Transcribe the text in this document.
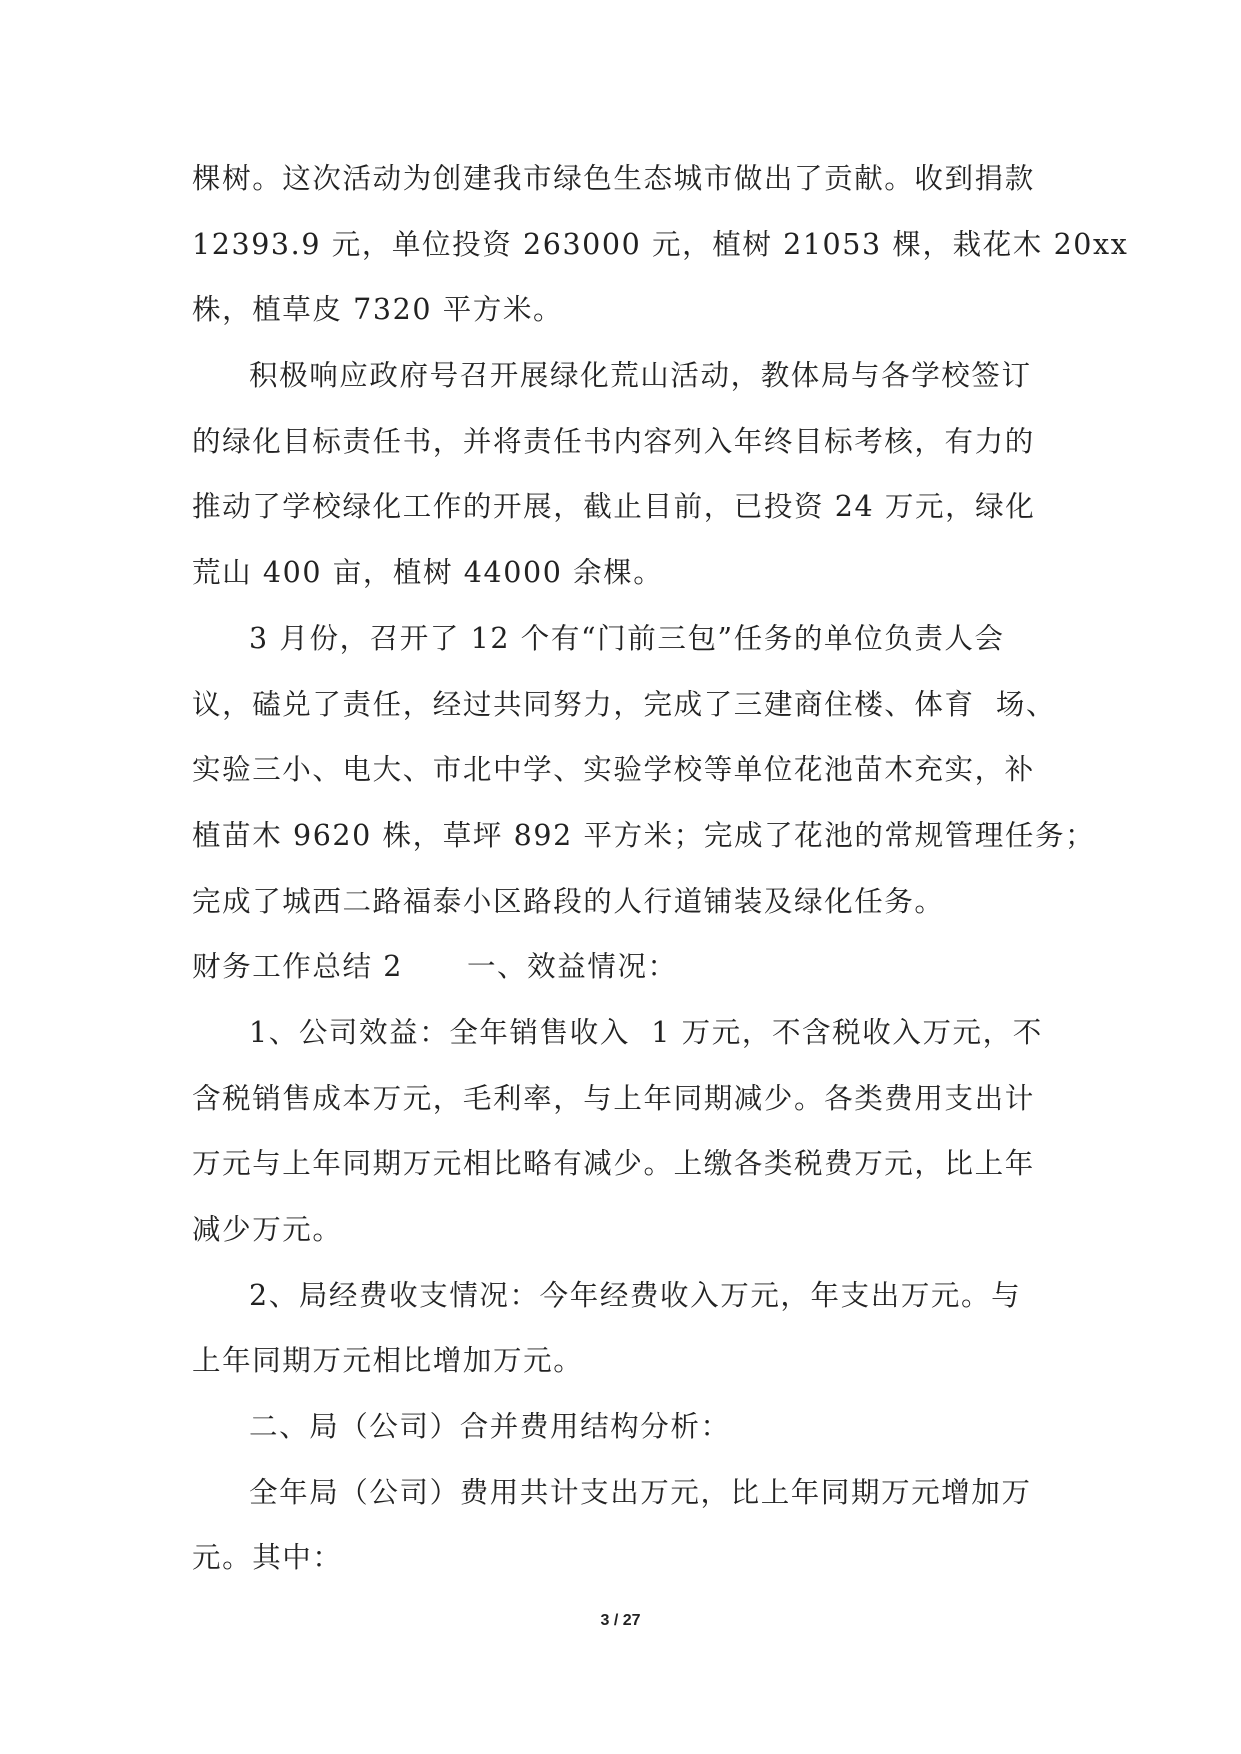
棵树。这次活动为创建我市绿色生态城市做出了贡献。收到捐款
12393.9 元，单位投资 263000 元，植树 21053 棵，栽花木 20xx
株，植草皮 7320 平方米。
积极响应政府号召开展绿化荒山活动，教体局与各学校签订
的绿化目标责任书，并将责任书内容列入年终目标考核，有力的
推动了学校绿化工作的开展，截止目前，已投资 24 万元，绿化
荒山 400 亩，植树 44000 余棵。
3 月份，召开了 12 个有“门前三包”任务的单位负责人会
议，磕兑了责任，经过共同努力，完成了三建商住楼、体育  场、
实验三小、电大、市北中学、实验学校等单位花池苗木充实，补
植苗木 9620 株，草坪 892 平方米；完成了花池的常规管理任务；
完成了城西二路福泰小区路段的人行道铺装及绿化任务。
财务工作总结 2      一、效益情况：
1、公司效益：全年销售收入  1 万元，不含税收入万元，不
含税销售成本万元，毛利率，与上年同期减少。各类费用支出计
万元与上年同期万元相比略有减少。上缴各类税费万元，比上年
减少万元。
2、局经费收支情况：今年经费收入万元，年支出万元。与
上年同期万元相比增加万元。
二、局（公司）合并费用结构分析：
全年局（公司）费用共计支出万元，比上年同期万元增加万
元。其中：
3 / 27
